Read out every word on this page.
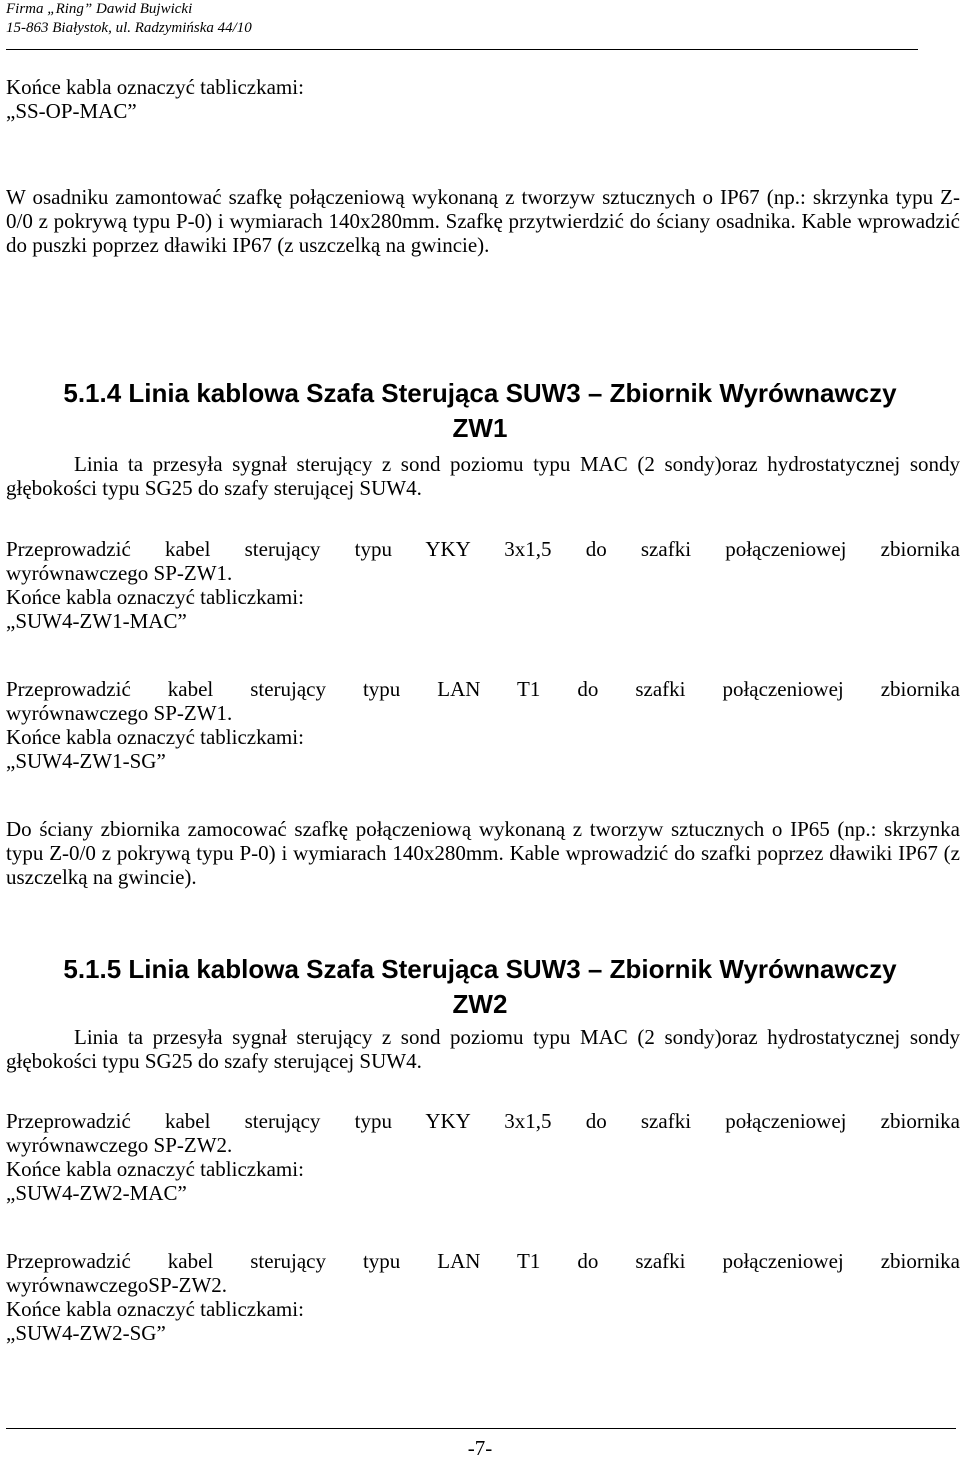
Firma „Ring” Dawid Bujwicki
15-863 Białystok, ul. Radzymińska 44/10

Końce kabla oznaczyć tabliczkami:

„SS-OP-MAC”

W osadniku zamontować szafkę połączeniową wykonaną z tworzyw sztucznych o IP67 (np.: skrzynka typu Z-0/0 z pokrywą typu P-0) i wymiarach 140x280mm. Szafkę przytwierdzić do ściany osadnika. Kable wprowadzić do puszki poprzez dławiki IP67 (z uszczelką na gwincie).

5.1.4 Linia kablowa Szafa Sterująca SUW3 – Zbiornik Wyrównawczy
ZW1

Linia ta przesyła sygnał sterujący z sond poziomu typu MAC (2 sondy)oraz hydrostatycznej sondy głębokości typu SG25 do szafy sterującej SUW4.

Przeprowadzić kabel sterujący typu YKY 3x1,5 do szafki połączeniowej zbiornika

wyrównawczego SP-ZW1.

Końce kabla oznaczyć tabliczkami:

„SUW4-ZW1-MAC”

Przeprowadzić kabel sterujący typu LAN T1 do szafki połączeniowej zbiornika

wyrównawczego SP-ZW1.

Końce kabla oznaczyć tabliczkami:

„SUW4-ZW1-SG”

Do ściany zbiornika zamocować szafkę połączeniową wykonaną z tworzyw sztucznych o IP65 (np.: skrzynka typu Z-0/0 z pokrywą typu P-0) i wymiarach 140x280mm. Kable wprowadzić do szafki poprzez dławiki IP67 (z uszczelką na gwincie).

5.1.5 Linia kablowa Szafa Sterująca SUW3 – Zbiornik Wyrównawczy
ZW2

Linia ta przesyła sygnał sterujący z sond poziomu typu MAC (2 sondy)oraz hydrostatycznej sondy głębokości typu SG25 do szafy sterującej SUW4.

Przeprowadzić kabel sterujący typu YKY 3x1,5 do szafki połączeniowej zbiornika

wyrównawczego SP-ZW2.

Końce kabla oznaczyć tabliczkami:

„SUW4-ZW2-MAC”

Przeprowadzić kabel sterujący typu LAN T1 do szafki połączeniowej zbiornika

wyrównawczegoSP-ZW2.

Końce kabla oznaczyć tabliczkami:

„SUW4-ZW2-SG”

-7-
